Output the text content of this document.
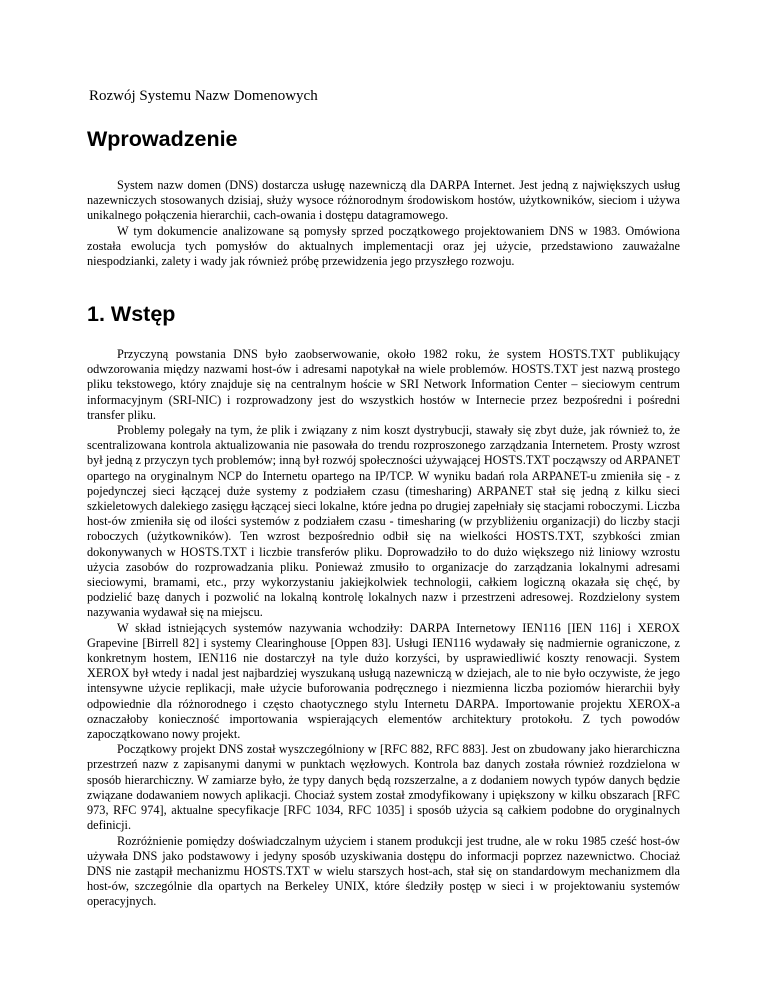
Rozwój Systemu Nazw Domenowych
Wprowadzenie

System nazw domen (DNS) dostarcza usługę nazewniczą dla DARPA Internet. Jest jedną z największych usług nazewniczych stosowanych dzisiaj, służy wysoce różnorodnym środowiskom hostów, użytkowników, sieciom i używa unikalnego połączenia hierarchii, cach-owania i dostępu datagramowego.

W tym dokumencie analizowane są pomysły sprzed początkowego projektowaniem DNS w 1983. Omówiona została ewolucja tych pomysłów do aktualnych implementacji oraz jej użycie, przedstawiono zauważalne niespodzianki, zalety i wady jak również próbę przewidzenia jego przyszłego rozwoju.

1. Wstęp

Przyczyną powstania DNS było zaobserwowanie, około 1982 roku, że system HOSTS.TXT publikujący odwzorowania między nazwami host-ów i adresami napotykał na wiele problemów. HOSTS.TXT jest nazwą prostego pliku tekstowego, który znajduje się na centralnym hoście w SRI Network Information Center – sieciowym centrum informacyjnym (SRI-NIC) i rozprowadzony jest do wszystkich hostów w Internecie przez bezpośredni i pośredni transfer pliku.

Problemy polegały na tym, że plik i związany z nim koszt dystrybucji, stawały się zbyt duże, jak również to, że scentralizowana kontrola aktualizowania nie pasowała do trendu rozproszonego zarządzania Internetem. Prosty wzrost był jedną z przyczyn tych problemów; inną był rozwój społeczności używającej HOSTS.TXT począwszy od ARPANET opartego na oryginalnym NCP do Internetu opartego na IP/TCP. W wyniku badań rola ARPANET-u zmieniła się - z pojedynczej sieci łączącej duże systemy z podziałem czasu (timesharing) ARPANET stał się jedną z kilku sieci szkieletowych dalekiego zasięgu łączącej sieci lokalne, które jedna po drugiej zapełniały się stacjami roboczymi. Liczba host-ów zmieniła się od ilości systemów z podziałem czasu - timesharing (w przybliżeniu organizacji) do liczby stacji roboczych (użytkowników). Ten wzrost bezpośrednio odbił się na wielkości HOSTS.TXT, szybkości zmian dokonywanych w HOSTS.TXT i liczbie transferów pliku. Doprowadziło to do dużo większego niż liniowy wzrostu użycia zasobów do rozprowadzania pliku. Ponieważ zmusiło to organizacje do zarządzania lokalnymi adresami sieciowymi, bramami, etc., przy wykorzystaniu jakiejkolwiek technologii, całkiem logiczną okazała się chęć, by podzielić bazę danych i pozwolić na lokalną kontrolę lokalnych nazw i przestrzeni adresowej. Rozdzielony system nazywania wydawał się na miejscu.

W skład istniejących systemów nazywania wchodziły: DARPA Internetowy IEN116 [IEN 116] i XEROX Grapevine [Birrell 82] i systemy Clearinghouse [Oppen 83]. Usługi IEN116 wydawały się nadmiernie ograniczone, z konkretnym hostem, IEN116 nie dostarczył na tyle dużo korzyści, by usprawiedliwić koszty renowacji. System XEROX był wtedy i nadal jest najbardziej wyszukaną usługą nazewniczą w dziejach, ale to nie było oczywiste, że jego intensywne użycie replikacji, małe użycie buforowania podręcznego i niezmienna liczba poziomów hierarchii były odpowiednie dla różnorodnego i często chaotycznego stylu Internetu DARPA. Importowanie projektu XEROX-a oznaczałoby konieczność importowania wspierających elementów architektury protokołu. Z tych powodów zapoczątkowano nowy projekt.

Początkowy projekt DNS został wyszczególniony w [RFC 882, RFC 883]. Jest on zbudowany jako hierarchiczna przestrzeń nazw z zapisanymi danymi w punktach węzłowych. Kontrola baz danych została również rozdzielona w sposób hierarchiczny. W zamiarze było, że typy danych będą rozszerzalne, a z dodaniem nowych typów danych będzie związane dodawaniem nowych aplikacji. Chociaż system został zmodyfikowany i upiększony w kilku obszarach [RFC 973, RFC 974], aktualne specyfikacje [RFC 1034, RFC 1035] i sposób użycia są całkiem podobne do oryginalnych definicji.

Rozróżnienie pomiędzy doświadczalnym użyciem i stanem produkcji jest trudne, ale w roku 1985 cześć host-ów używała DNS jako podstawowy i jedyny sposób uzyskiwania dostępu do informacji poprzez nazewnictwo. Chociaż DNS nie zastąpił mechanizmu HOSTS.TXT w wielu starszych host-ach, stał się on standardowym mechanizmem dla host-ów, szczególnie dla opartych na Berkeley UNIX, które śledziły postęp w sieci i w projektowaniu systemów operacyjnych.
